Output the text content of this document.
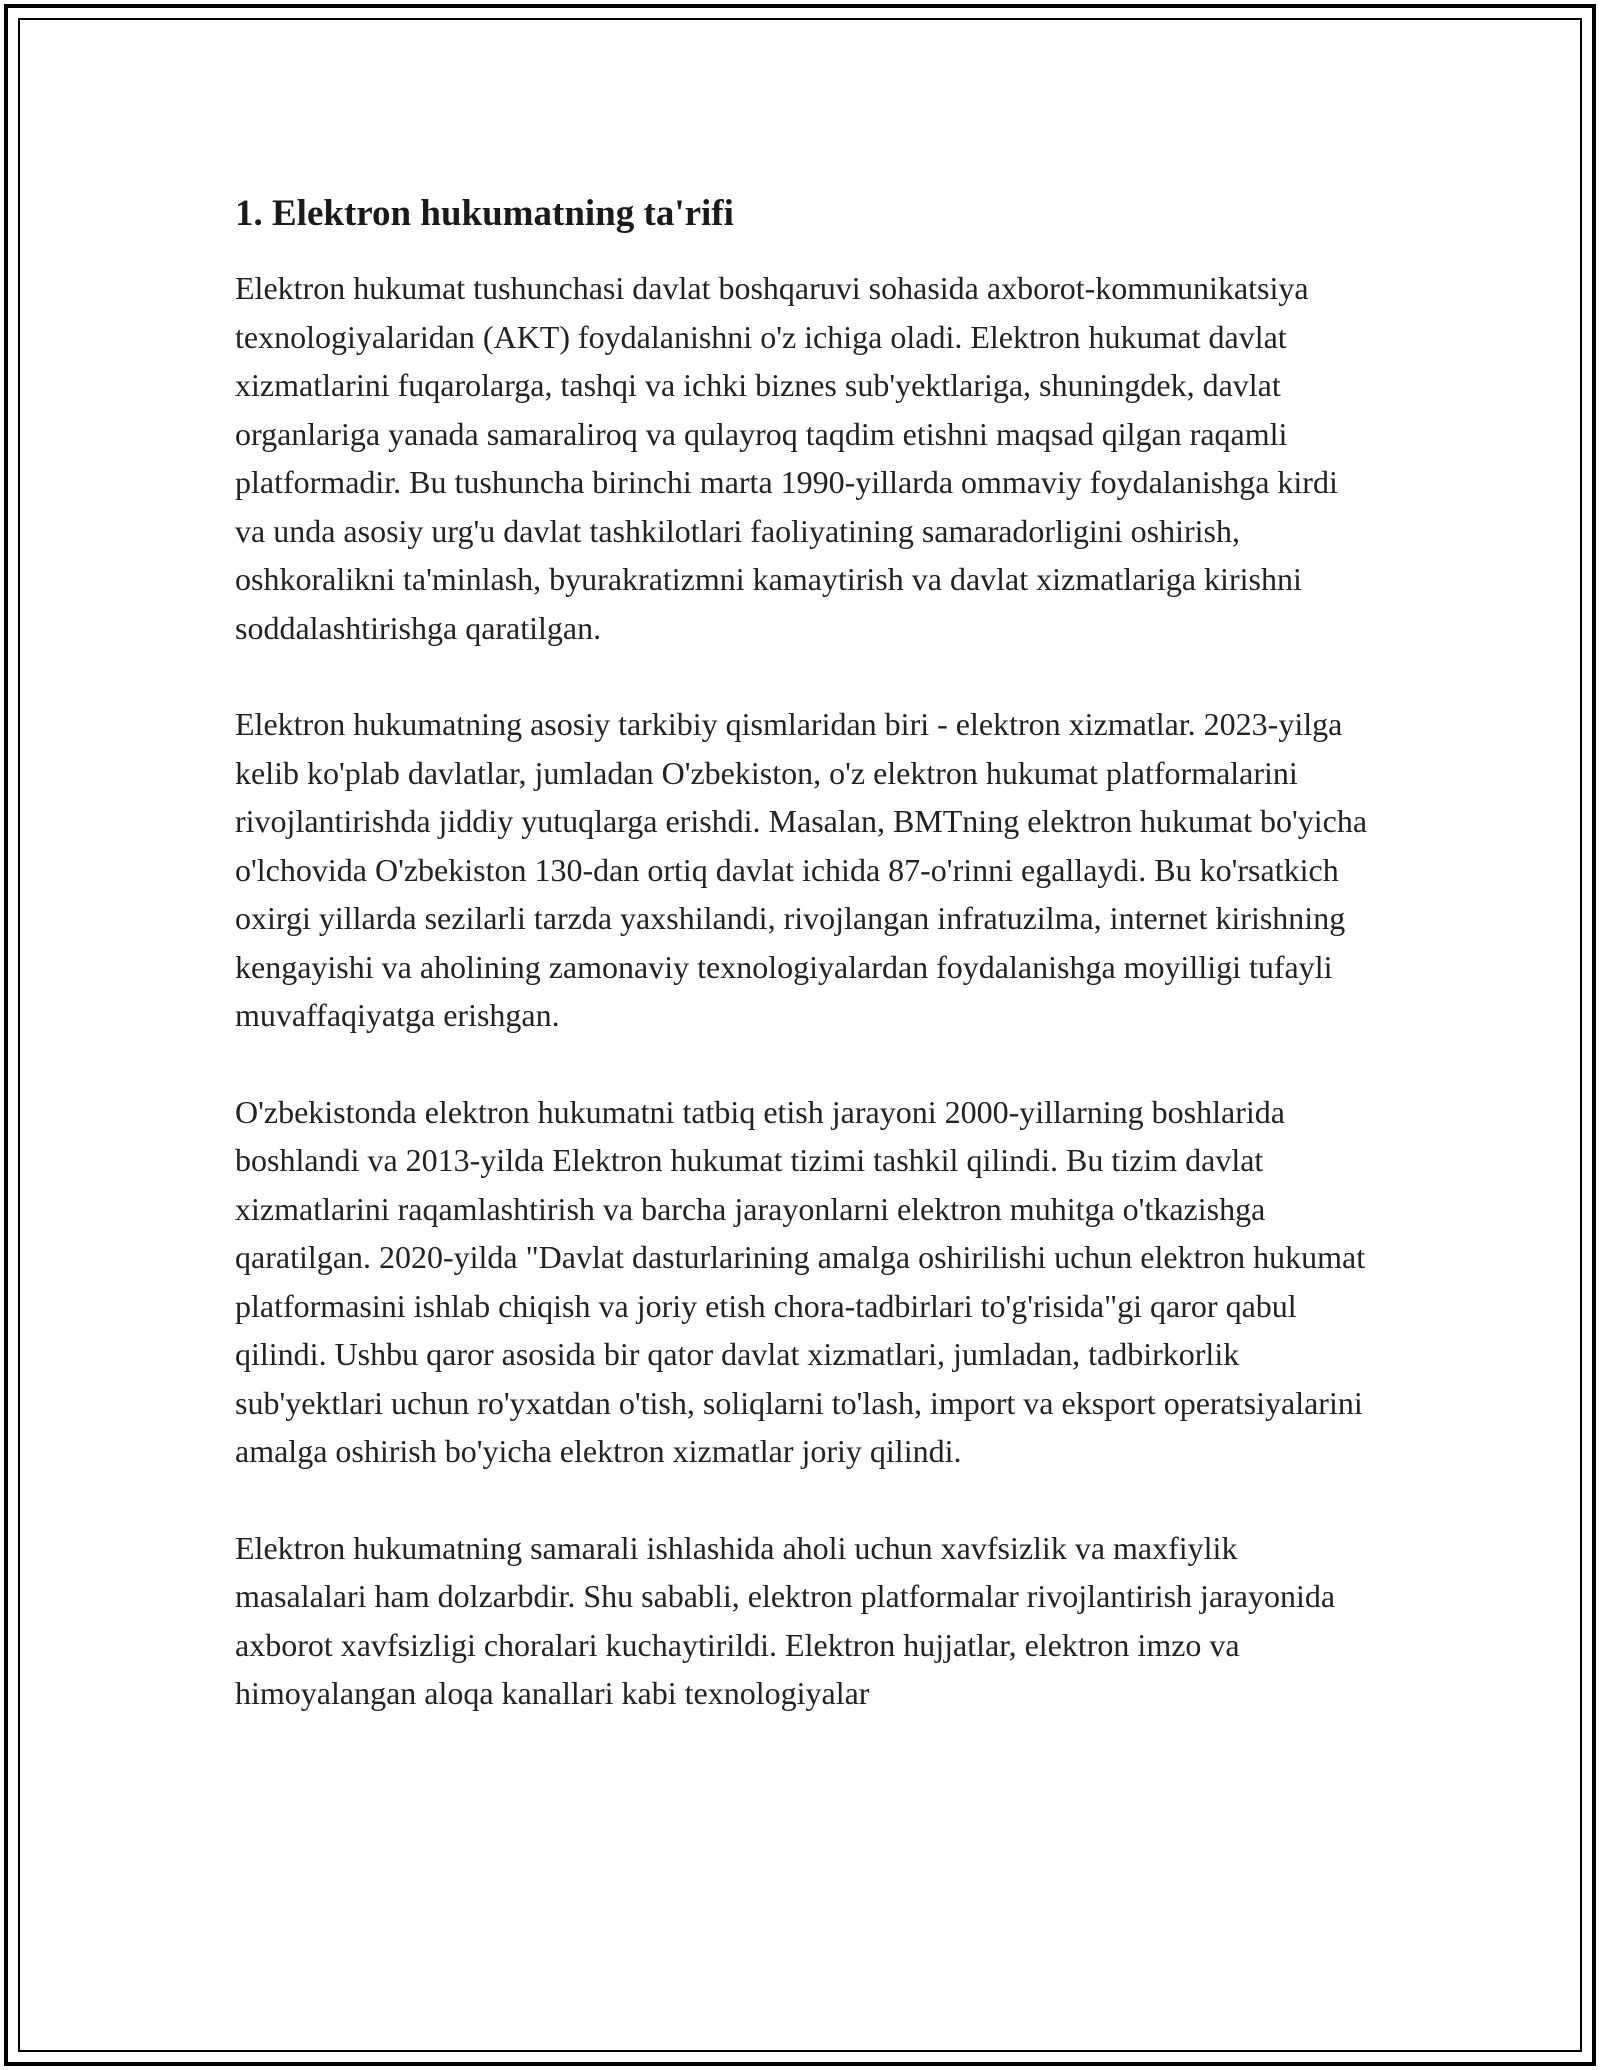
1. Elektron hukumatning ta'rifi

Elektron hukumat tushunchasi davlat boshqaruvi sohasida axborot-kommunikatsiya texnologiyalaridan (AKT) foydalanishni o'z ichiga oladi. Elektron hukumat davlat xizmatlarini fuqarolarga, tashqi va ichki biznes sub'yektlariga, shuningdek, davlat organlariga yanada samaraliroq va qulayroq taqdim etishni maqsad qilgan raqamli platformadir. Bu tushuncha birinchi marta 1990-yillarda ommaviy foydalanishga kirdi va unda asosiy urg'u davlat tashkilotlari faoliyatining samaradorligini oshirish, oshkoralikni ta'minlash, byurakratizmni kamaytirish va davlat xizmatlariga kirishni soddalashtirishga qaratilgan.

Elektron hukumatning asosiy tarkibiy qismlaridan biri - elektron xizmatlar. 2023-yilga kelib ko'plab davlatlar, jumladan O'zbekiston, o'z elektron hukumat platformalarini rivojlantirishda jiddiy yutuqlarga erishdi. Masalan, BMTning elektron hukumat bo'yicha o'lchovida O'zbekiston 130-dan ortiq davlat ichida 87-o'rinni egallaydi. Bu ko'rsatkich oxirgi yillarda sezilarli tarzda yaxshilandi, rivojlangan infratuzilma, internet kirishning kengayishi va aholining zamonaviy texnologiyalardan foydalanishga moyilligi tufayli muvaffaqiyatga erishgan.

O'zbekistonda elektron hukumatni tatbiq etish jarayoni 2000-yillarning boshlarida boshlandi va 2013-yilda Elektron hukumat tizimi tashkil qilindi. Bu tizim davlat xizmatlarini raqamlashtirish va barcha jarayonlarni elektron muhitga o'tkazishga qaratilgan. 2020-yilda "Davlat dasturlarining amalga oshirilishi uchun elektron hukumat platformasini ishlab chiqish va joriy etish chora-tadbirlari to'g'risida"gi qaror qabul qilindi. Ushbu qaror asosida bir qator davlat xizmatlari, jumladan, tadbirkorlik sub'yektlari uchun ro'yxatdan o'tish, soliqlarni to'lash, import va eksport operatsiyalarini amalga oshirish bo'yicha elektron xizmatlar joriy qilindi.

Elektron hukumatning samarali ishlashida aholi uchun xavfsizlik va maxfiylik masalalari ham dolzarbdir. Shu sababli, elektron platformalar rivojlantirish jarayonida axborot xavfsizligi choralari kuchaytirildi. Elektron hujjatlar, elektron imzo va himoyalangan aloqa kanallari kabi texnologiyalar
